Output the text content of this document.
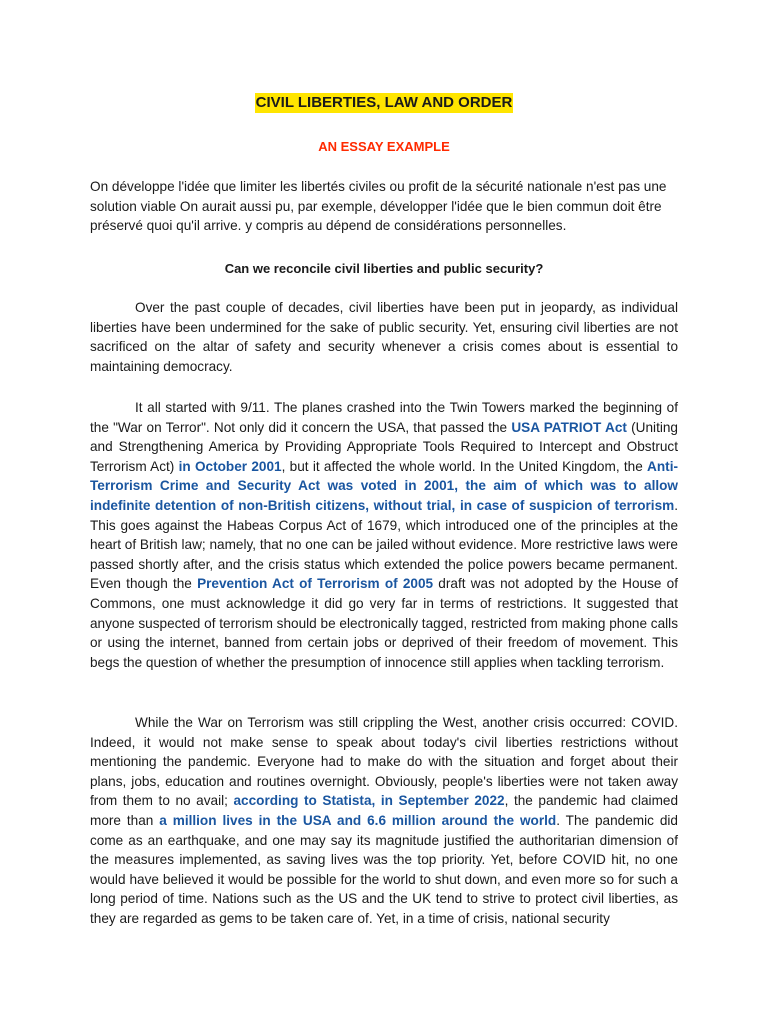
CIVIL LIBERTIES, LAW AND ORDER
AN ESSAY EXAMPLE
On développe l'idée que limiter les libertés civiles ou profit de la sécurité nationale n'est pas une solution viable On aurait aussi pu, par exemple, développer l'idée que le bien commun doit être préservé quoi qu'il arrive. y compris au dépend de considérations personnelles.
Can we reconcile civil liberties and public security?
Over the past couple of decades, civil liberties have been put in jeopardy, as individual liberties have been undermined for the sake of public security. Yet, ensuring civil liberties are not sacrificed on the altar of safety and security whenever a crisis comes about is essential to maintaining democracy.
It all started with 9/11. The planes crashed into the Twin Towers marked the beginning of the "War on Terror". Not only did it concern the USA, that passed the USA PATRIOT Act (Uniting and Strengthening America by Providing Appropriate Tools Required to Intercept and Obstruct Terrorism Act) in October 2001, but it affected the whole world. In the United Kingdom, the Anti-Terrorism Crime and Security Act was voted in 2001, the aim of which was to allow indefinite detention of non-British citizens, without trial, in case of suspicion of terrorism. This goes against the Habeas Corpus Act of 1679, which introduced one of the principles at the heart of British law; namely, that no one can be jailed without evidence. More restrictive laws were passed shortly after, and the crisis status which extended the police powers became permanent. Even though the Prevention Act of Terrorism of 2005 draft was not adopted by the House of Commons, one must acknowledge it did go very far in terms of restrictions. It suggested that anyone suspected of terrorism should be electronically tagged, restricted from making phone calls or using the internet, banned from certain jobs or deprived of their freedom of movement. This begs the question of whether the presumption of innocence still applies when tackling terrorism.
While the War on Terrorism was still crippling the West, another crisis occurred: COVID. Indeed, it would not make sense to speak about today's civil liberties restrictions without mentioning the pandemic. Everyone had to make do with the situation and forget about their plans, jobs, education and routines overnight. Obviously, people's liberties were not taken away from them to no avail; according to Statista, in September 2022, the pandemic had claimed more than a million lives in the USA and 6.6 million around the world. The pandemic did come as an earthquake, and one may say its magnitude justified the authoritarian dimension of the measures implemented, as saving lives was the top priority. Yet, before COVID hit, no one would have believed it would be possible for the world to shut down, and even more so for such a long period of time. Nations such as the US and the UK tend to strive to protect civil liberties, as they are regarded as gems to be taken care of. Yet, in a time of crisis, national security
